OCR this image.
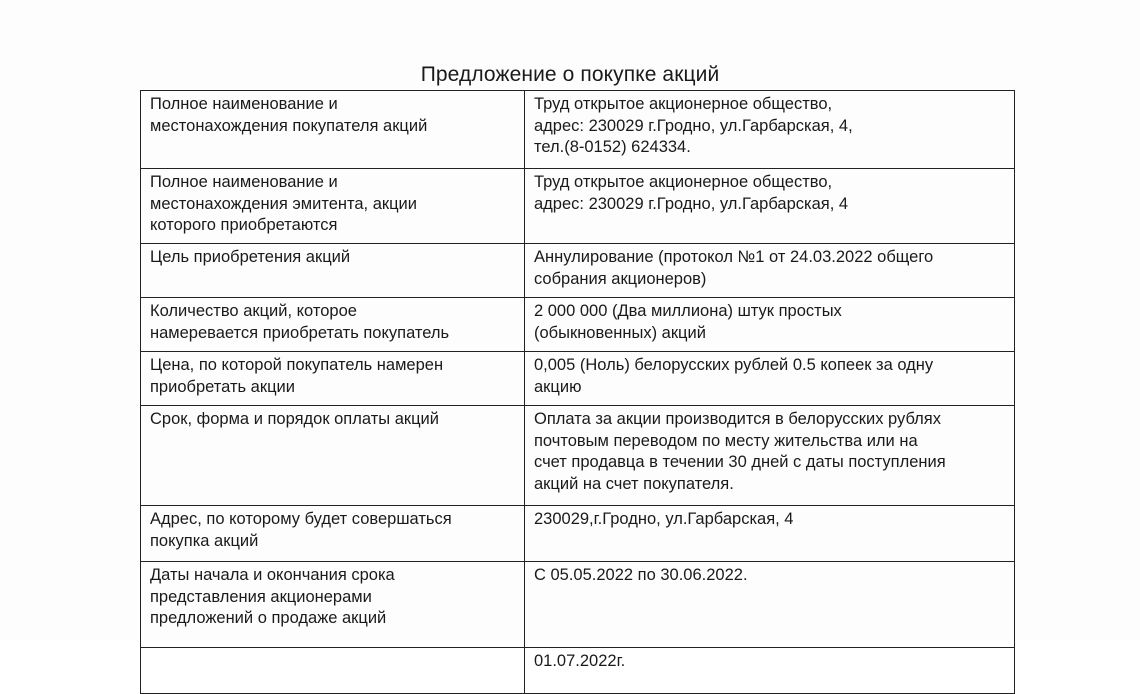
Предложение о покупке акций
Полное наименование и
местонахождения покупателя акций	Труд открытое акционерное общество,
адрес: 230029 г.Гродно, ул.Гарбарская, 4,
тел.(8-0152) 624334.
Полное наименование и
местонахождения эмитента, акции
которого приобретаются	Труд открытое акционерное общество,
адрес: 230029 г.Гродно, ул.Гарбарская, 4
Цель приобретения акций	Аннулирование (протокол №1 от 24.03.2022 общего
собрания акционеров)
Количество акций, которое
намеревается приобретать покупатель	2 000 000 (Два миллиона) штук простых
(обыкновенных) акций
Цена, по которой покупатель намерен
приобретать акции	0,005 (Ноль) белорусских рублей 0.5 копеек за одну
акцию
Срок, форма и порядок оплаты акций	Оплата за акции производится в белорусских рублях
почтовым переводом по месту жительства или на
счет продавца в течении 30 дней с даты поступления
акций на счет покупателя.
Адрес, по которому будет совершаться
покупка акций	230029,г.Гродно, ул.Гарбарская, 4
Даты начала и окончания срока
представления акционерами
предложений о продаже акций	С 05.05.2022 по 30.06.2022.
	01.07.2022г.
